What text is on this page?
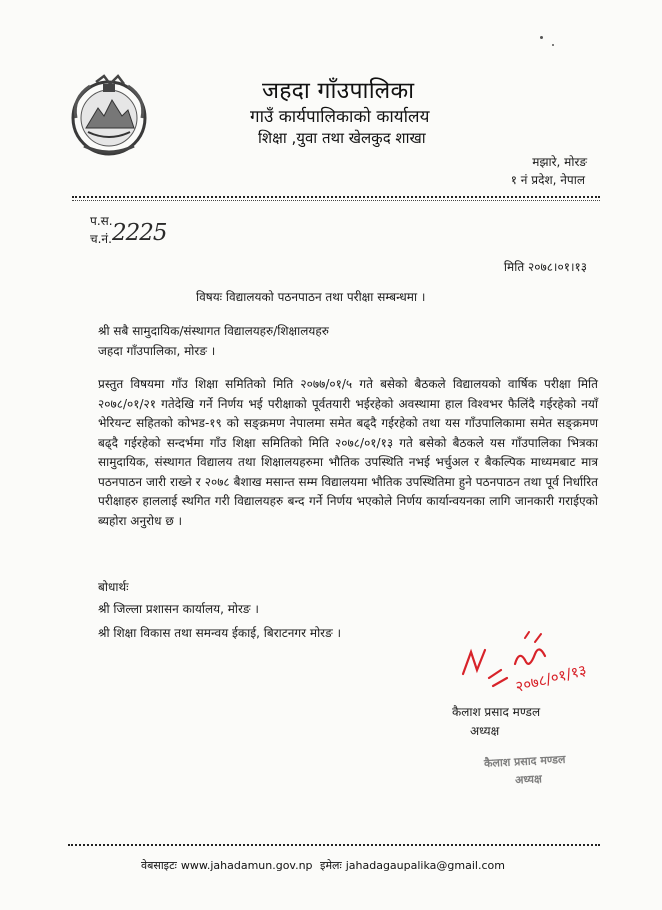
जहदा गाँउपालिका
गाउँ कार्यपालिकाको कार्यालय
शिक्षा ,युवा तथा खेलकुद शाखा
मझारे, मोरङ
१ नं प्रदेश, नेपाल
प.स.
च.नं. 2225
मिति २०७८।०१।१३
विषयः विद्यालयको पठनपाठन तथा परीक्षा सम्बन्धमा ।
श्री सबै सामुदायिक/संस्थागत विद्यालयहरु/शिक्षालयहरु
जहदा गाँउपालिका, मोरङ ।
प्रस्तुत विषयमा गाँउ शिक्षा समितिको मिति २०७७/०१/५ गते बसेको बैठकले विद्यालयको वार्षिक परीक्षा मिति २०७८/०१/२१ गतेदेखि गर्ने निर्णय भई परीक्षाको पूर्वतयारी भईरहेको अवस्थामा हाल विश्वभर फैलिंदै गईरहेको नयाँ भेरियन्ट सहितको कोभड-१९ को सङ्क्रमण नेपालमा समेत बढ्दै गईरहेको तथा यस गाँउपालिकामा समेत सङ्क्रमण बढ्दै गईरहेको सन्दर्भमा गाँउ शिक्षा समितिको मिति २०७८/०१/१३ गते बसेको बैठकले यस गाँउपालिका भित्रका सामुदायिक, संस्थागत विद्यालय तथा शिक्षालयहरुमा भौतिक उपस्थिति नभई भर्चुअल र बैकल्पिक माध्यमबाट मात्र पठनपाठन जारी राख्ने र २०७८ बैशाख मसान्त सम्म विद्यालयमा भौतिक उपस्थितिमा हुने पठनपाठन तथा पूर्व निर्धारित परीक्षाहरु हाललाई स्थगित गरी विद्यालयहरु बन्द गर्ने निर्णय भएकोले निर्णय कार्यान्वयनका लागि जानकारी गराईएको ब्यहोरा अनुरोध छ ।
बोधार्थः
श्री जिल्ला प्रशासन कार्यालय, मोरङ ।
श्री शिक्षा विकास तथा समन्वय ईकाई, बिराटनगर मोरङ ।
२०७८/०१/१३
कैलाश प्रसाद मण्डल
अध्यक्ष
कैलाश प्रसाद मण्डल
अध्यक्ष
वेबसाइटः www.jahadamun.gov.np इमेलः jahadagaupalika@gmail.com
